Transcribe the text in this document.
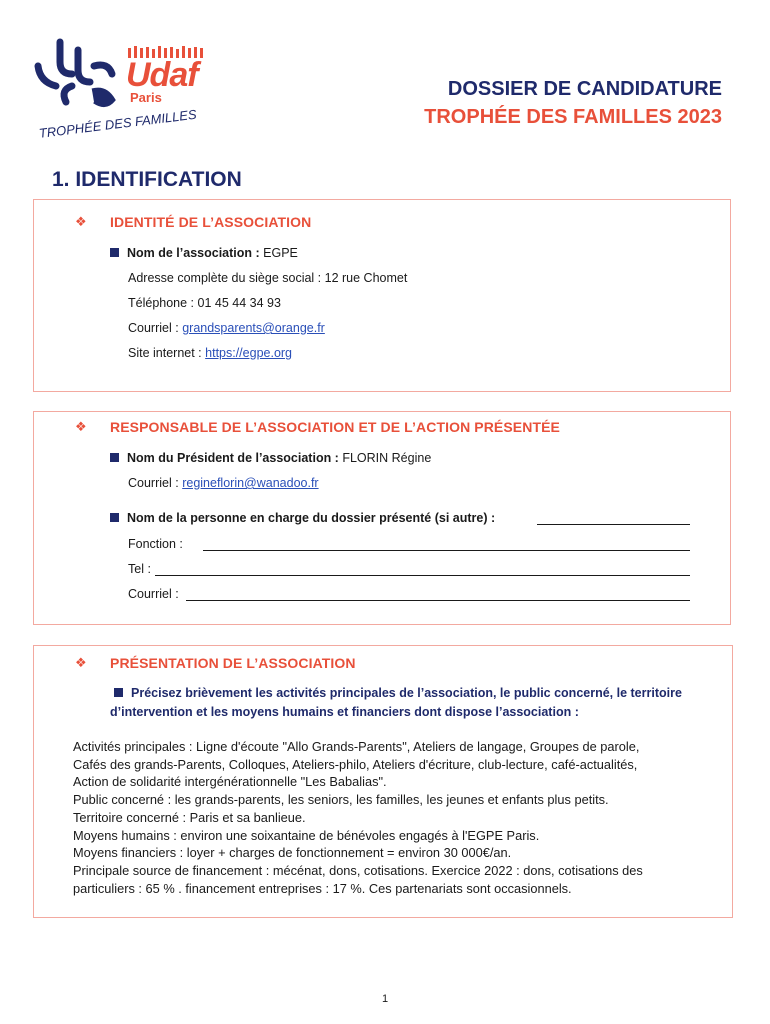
Udaf
Paris
TROPHÉE DES FAMILLES
DOSSIER DE CANDIDATURE
TROPHÉE DES FAMILLES 2023
1. IDENTIFICATION
❖ IDENTITÉ DE L’ASSOCIATION
Nom de l’association : EGPE
Adresse complète du siège social : 12 rue Chomet
Téléphone : 01 45 44 34 93
Courriel : grandsparents@orange.fr
Site internet : https://egpe.org
❖ RESPONSABLE DE L’ASSOCIATION ET DE L’ACTION PRÉSENTÉE
Nom du Président de l’association : FLORIN Régine
Courriel : regineflorin@wanadoo.fr
Nom de la personne en charge du dossier présenté (si autre) :
Fonction :
Tel :
Courriel :
❖ PRÉSENTATION DE L’ASSOCIATION
Précisez brièvement les activités principales de l’association, le public concerné, le territoire
d’intervention et les moyens humains et financiers dont dispose l’association :
Activités principales : Ligne d'écoute "Allo Grands-Parents", Ateliers de langage, Groupes de parole,
Cafés des grands-Parents, Colloques, Ateliers-philo, Ateliers d'écriture, club-lecture, café-actualités,
Action de solidarité intergénérationnelle "Les Babalias".
Public concerné : les grands-parents, les seniors, les familles, les jeunes et enfants plus petits.
Territoire concerné : Paris et sa banlieue.
Moyens humains : environ une soixantaine de bénévoles engagés à l'EGPE Paris.
Moyens financiers : loyer + charges de fonctionnement = environ 30 000€/an.
Principale source de financement : mécénat, dons, cotisations. Exercice 2022 : dons, cotisations des
particuliers : 65 % . financement entreprises : 17 %. Ces partenariats sont occasionnels.
1
